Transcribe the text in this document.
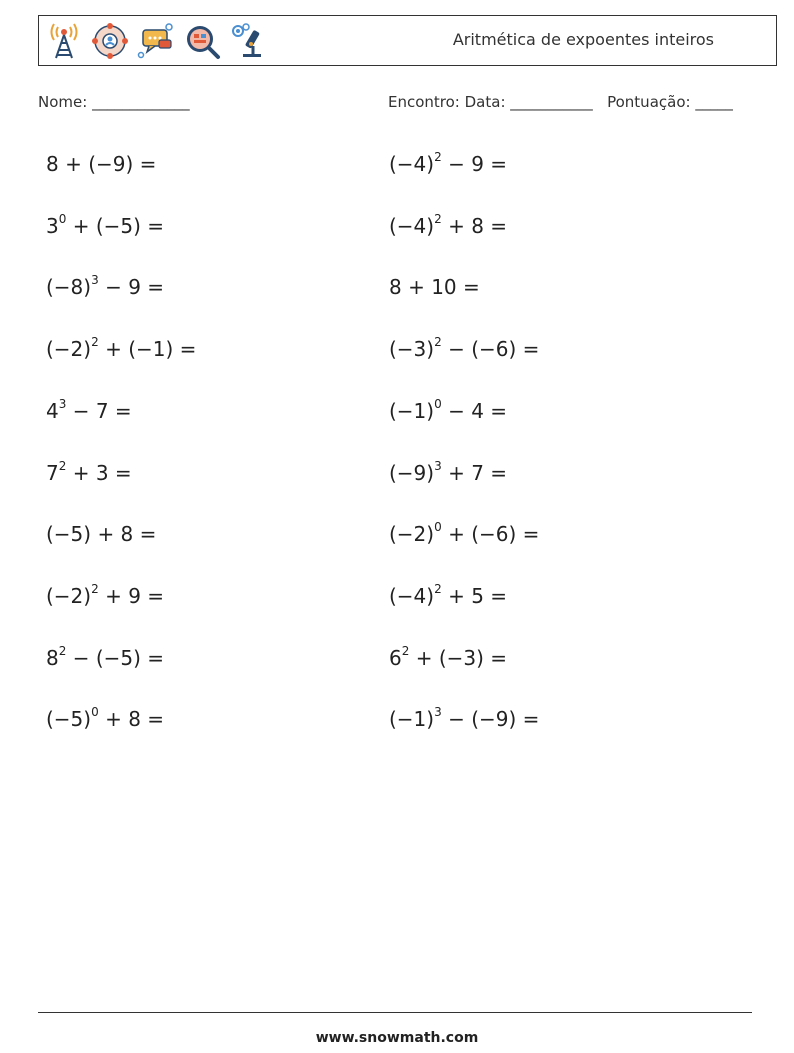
Aritmética de expoentes inteiros
Nome: _____________	Encontro: Data: ___________ Pontuação: _____
8 + (−9) =
$3^0 + (-5)$ =
$(-8)^3 - 9$ =
$(-2)^2 + (-1)$ =
$4^3 - 7$ =
$7^2 + 3$ =
(−5) + 8 =
$(-2)^2 + 9$ =
$8^2 - (-5)$ =
$(-5)^0 + 8$ =
$(-4)^2 - 9$ =
$(-4)^2 + 8$ =
8 + 10 =
$(-3)^2 - (-6)$ =
$(-1)^0 - 4$ =
$(-9)^3 + 7$ =
$(-2)^0 + (-6)$ =
$(-4)^2 + 5$ =
$6^2 + (-3)$ =
$(-1)^3 - (-9)$ =
www.snowmath.com
